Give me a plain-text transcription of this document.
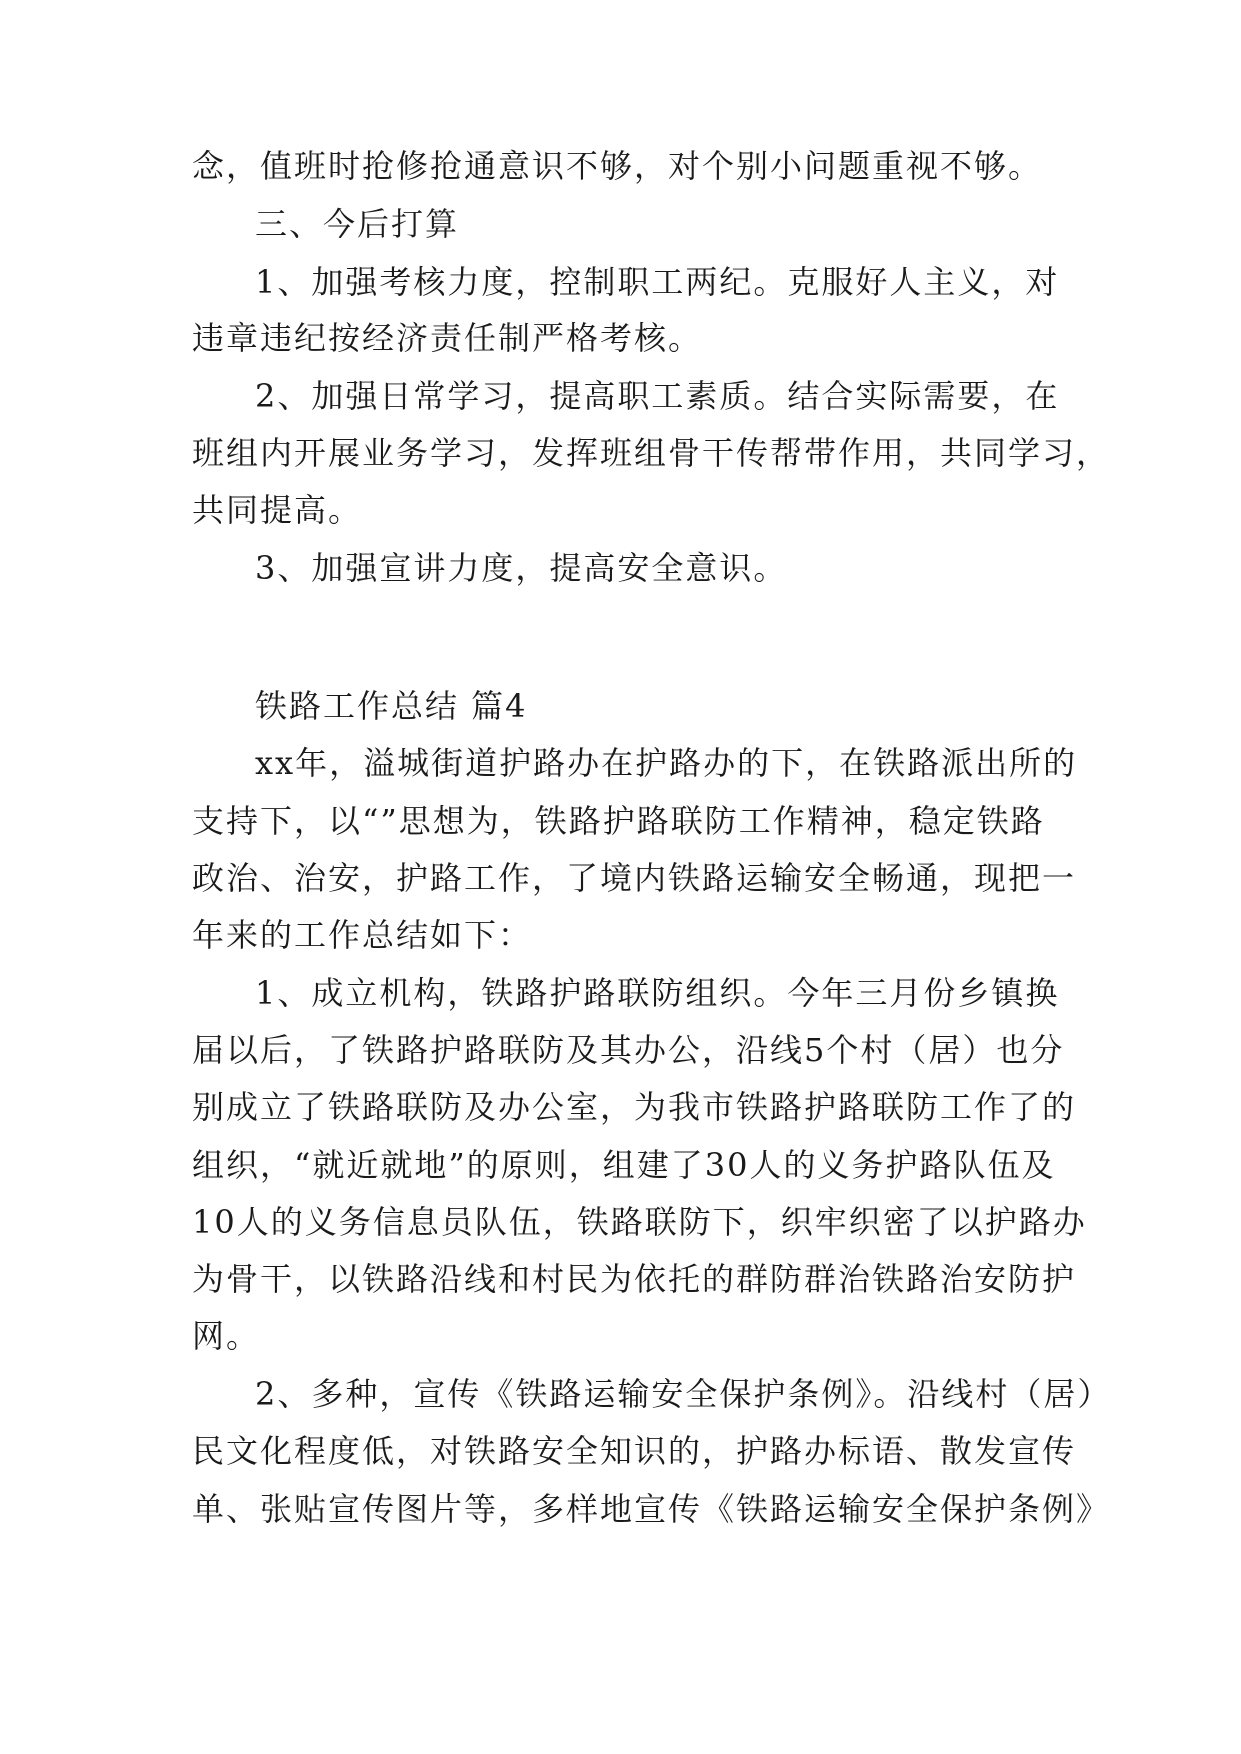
念，值班时抢修抢通意识不够，对个别小问题重视不够。
三、今后打算
1、加强考核力度，控制职工两纪。克服好人主义，对
违章违纪按经济责任制严格考核。
2、加强日常学习，提高职工素质。结合实际需要，在
班组内开展业务学习，发挥班组骨干传帮带作用，共同学习，
共同提高。
3、加强宣讲力度，提高安全意识。
铁路工作总结 篇4
xx年，溢城街道护路办在护路办的下，在铁路派出所的
支持下，以“”思想为，铁路护路联防工作精神，稳定铁路
政治、治安，护路工作，了境内铁路运输安全畅通，现把一
年来的工作总结如下：
1、成立机构，铁路护路联防组织。今年三月份乡镇换
届以后，了铁路护路联防及其办公，沿线5个村（居）也分
别成立了铁路联防及办公室，为我市铁路护路联防工作了的
组织，“就近就地”的原则，组建了30人的义务护路队伍及
10人的义务信息员队伍，铁路联防下，织牢织密了以护路办
为骨干，以铁路沿线和村民为依托的群防群治铁路治安防护
网。
2、多种，宣传《铁路运输安全保护条例》。沿线村（居）
民文化程度低，对铁路安全知识的，护路办标语、散发宣传
单、张贴宣传图片等，多样地宣传《铁路运输安全保护条例》
